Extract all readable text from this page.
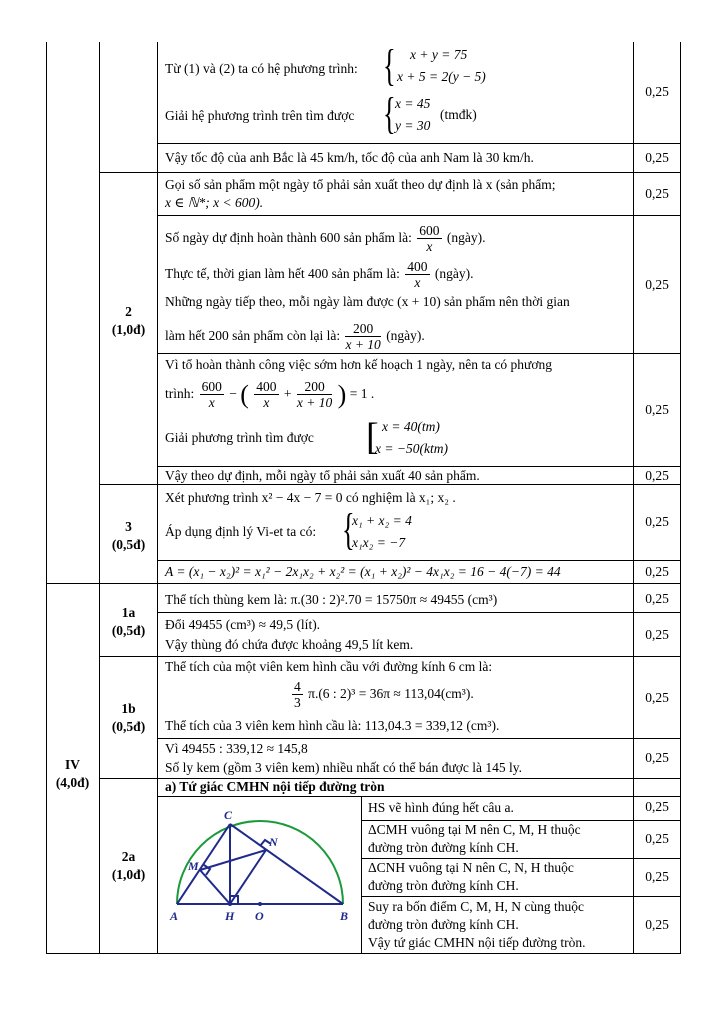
2
(1,0đ)
3
(0,5đ)
1a
(0,5đ)
1b
(0,5đ)
2a
(1,0đ)
IV
(4,0đ)
0,25
0,25
0,25
0,25
0,25
0,25
0,25
0,25
0,25
0,25
0,25
0,25
0,25
0,25
0,25
0,25
Từ (1) và (2) ta có hệ phương trình: { x + y = 75
x + 5 = 2(y − 5)
Giải hệ phương trình trên tìm được { x = 45
y = 30
(tmđk)
Vậy tốc độ của anh Bắc là 45 km/h, tốc độ của anh Nam là 30 km/h.
Gọi số sản phẩm một ngày tổ phải sản xuất theo dự định là x (sản phẩm;
x ∈ ℕ*; x < 600).
Số ngày dự định hoàn thành 600 sản phẩm là: $\frac{600}{x}$ (ngày).
Thực tế, thời gian làm hết 400 sản phẩm là: $\frac{400}{x}$ (ngày).
Những ngày tiếp theo, mỗi ngày làm được (x + 10) sản phẩm nên thời gian
làm hết 200 sản phẩm còn lại là: $\frac{200}{x + 10}$ (ngày).
Vì tổ hoàn thành công việc sớm hơn kế hoạch 1 ngày, nên ta có phương
trình: $\frac{600}{x}$ − ( $\frac{400}{x} + \frac{200}{x + 10}$ ) = 1 .
Giải phương trình tìm được [ x = 40(tm)
x = −50(ktm)
Vậy theo dự định, mỗi ngày tổ phải sản xuất 40 sản phẩm.
Xét phương trình x² − 4x − 7 = 0 có nghiệm là x₁; x₂ .
Áp dụng định lý Vi-et ta có: {
x₁ + x₂ = 4
x₁x₂ = −7
A = (x₁ − x₂)² = x₁² − 2x₁x₂ + x₂² = (x₁ + x₂)² − 4x₁x₂ = 16 − 4(−7) = 44
Thể tích thùng kem là: π.(30 : 2)².70 = 15750π ≈ 49455 (cm³)
Đổi 49455 (cm³) ≈ 49,5 (lít).
Vậy thùng đó chứa được khoảng 49,5 lít kem.
Thể tích của một viên kem hình cầu với đường kính 6 cm là:
$\frac{4}{3} \pi.(6$ : 2)³ = 36π ≈ 113,04(cm³).
Thể tích của 3 viên kem hình cầu là: 113,04.3 = 339,12 (cm³).
Vì 49455 : 339,12 ≈ 145,8
Số ly kem (gồm 3 viên kem) nhiều nhất có thể bán được là 145 ly.
a) Tứ giác CMHN nội tiếp đường tròn
HS vẽ hình đúng hết câu a.
ΔCMH vuông tại M nên C, M, H thuộc
đường tròn đường kính CH.
ΔCNH vuông tại N nên C, N, H thuộc
đường tròn đường kính CH.
Suy ra bốn điểm C, M, H, N cùng thuộc
đường tròn đường kính CH.
Vậy tứ giác CMHN nội tiếp đường tròn.
C
M
N
A	H O	B
